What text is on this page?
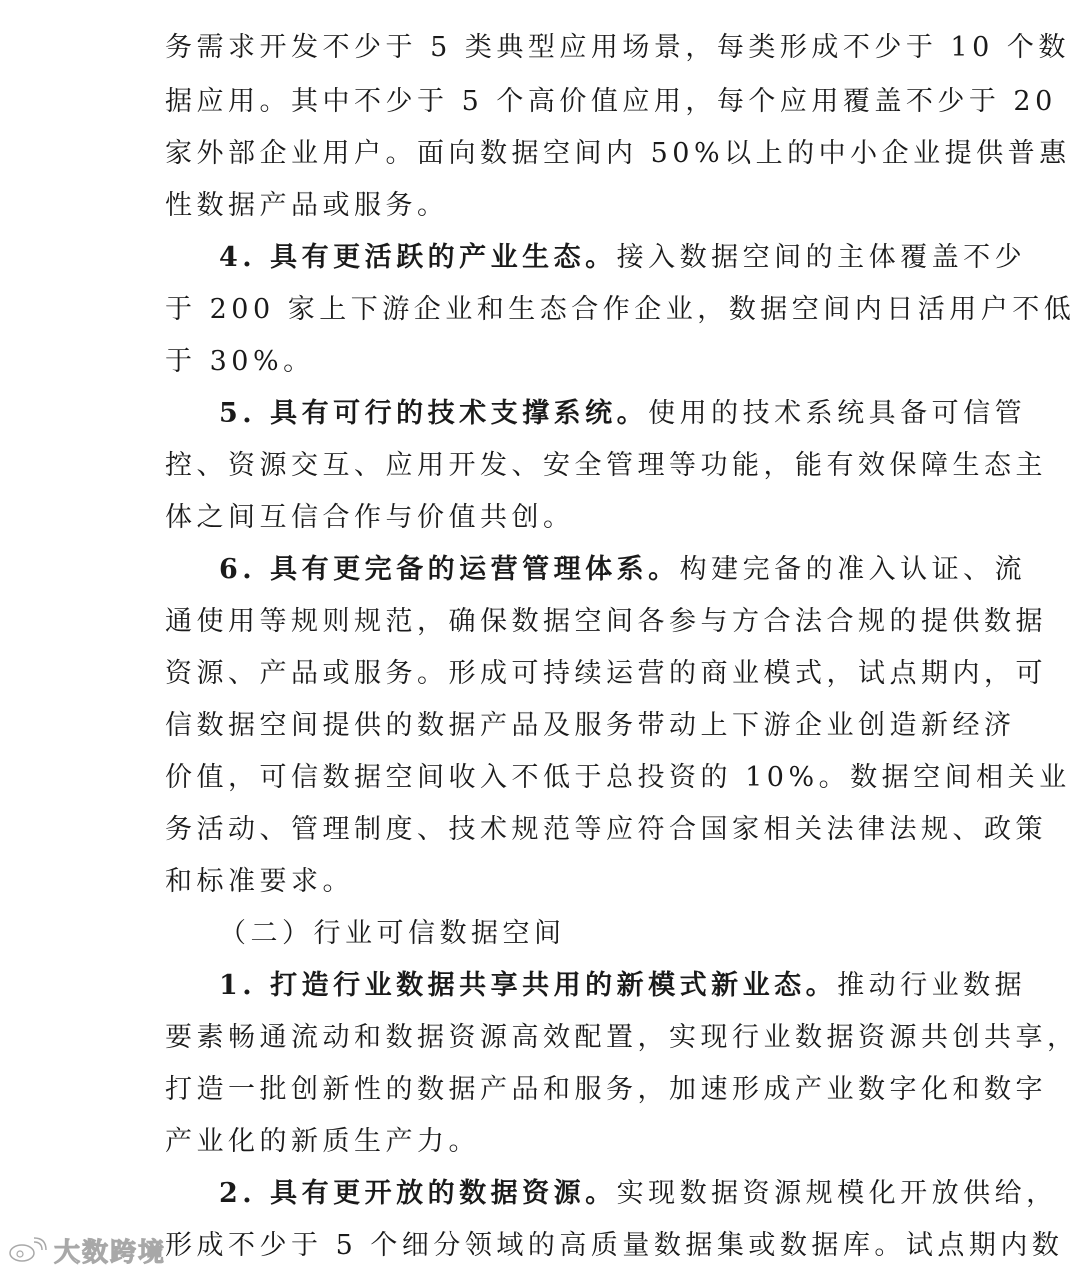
务需求开发不少于 5 类典型应用场景，每类形成不少于 10 个数
据应用。其中不少于 5 个高价值应用，每个应用覆盖不少于 20
家外部企业用户。面向数据空间内 50%以上的中小企业提供普惠
性数据产品或服务。
4. 具有更活跃的产业生态。接入数据空间的主体覆盖不少
于 200 家上下游企业和生态合作企业，数据空间内日活用户不低
于 30%。
5. 具有可行的技术支撑系统。使用的技术系统具备可信管
控、资源交互、应用开发、安全管理等功能，能有效保障生态主
体之间互信合作与价值共创。
6. 具有更完备的运营管理体系。构建完备的准入认证、流
通使用等规则规范，确保数据空间各参与方合法合规的提供数据
资源、产品或服务。形成可持续运营的商业模式，试点期内，可
信数据空间提供的数据产品及服务带动上下游企业创造新经济
价值，可信数据空间收入不低于总投资的 10%。数据空间相关业
务活动、管理制度、技术规范等应符合国家相关法律法规、政策
和标准要求。
（二）行业可信数据空间
1. 打造行业数据共享共用的新模式新业态。推动行业数据
要素畅通流动和数据资源高效配置，实现行业数据资源共创共享，
打造一批创新性的数据产品和服务，加速形成产业数字化和数字
产业化的新质生产力。
2. 具有更开放的数据资源。实现数据资源规模化开放供给，
形成不少于 5 个细分领域的高质量数据集或数据库。试点期内数
大数跨境
